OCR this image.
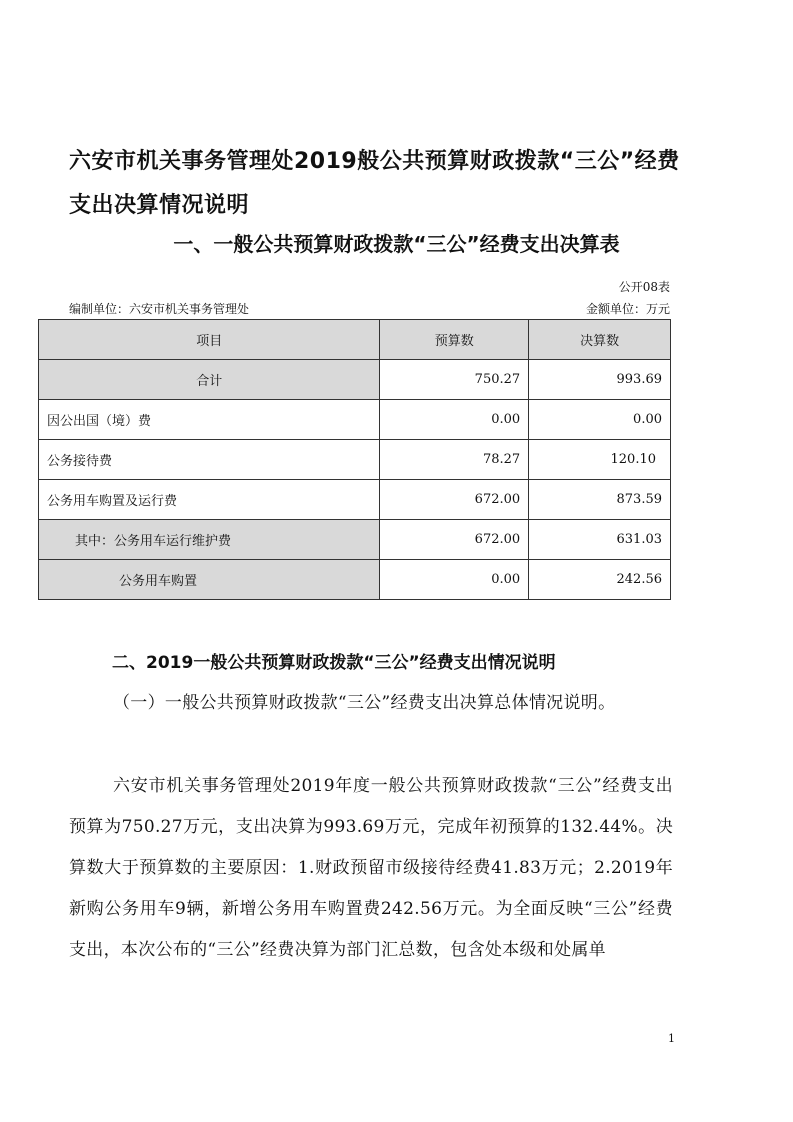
六安市机关事务管理处2019般公共预算财政拨款“三公”经费支出决算情况说明
一、一般公共预算财政拨款“三公”经费支出决算表
公开08表
编制单位：六安市机关事务管理处	金额单位：万元
项目	预算数	决算数
合计	750.27	993.69
因公出国（境）费	0.00	0.00
公务接待费	78.27	120.10
公务用车购置及运行费	672.00	873.59
其中：公务用车运行维护费	672.00	631.03
公务用车购置	0.00	242.56
二、2019一般公共预算财政拨款“三公”经费支出情况说明
（一）一般公共预算财政拨款“三公”经费支出决算总体情况说明。
六安市机关事务管理处2019年度一般公共预算财政拨款“三公”经费支出预算为750.27万元，支出决算为993.69万元，完成年初预算的132.44%。决算数大于预算数的主要原因：1.财政预留市级接待经费41.83万元；2.2019年新购公务用车9辆，新增公务用车购置费242.56万元。为全面反映“三公”经费支出，本次公布的“三公”经费决算为部门汇总数，包含处本级和处属单
1
